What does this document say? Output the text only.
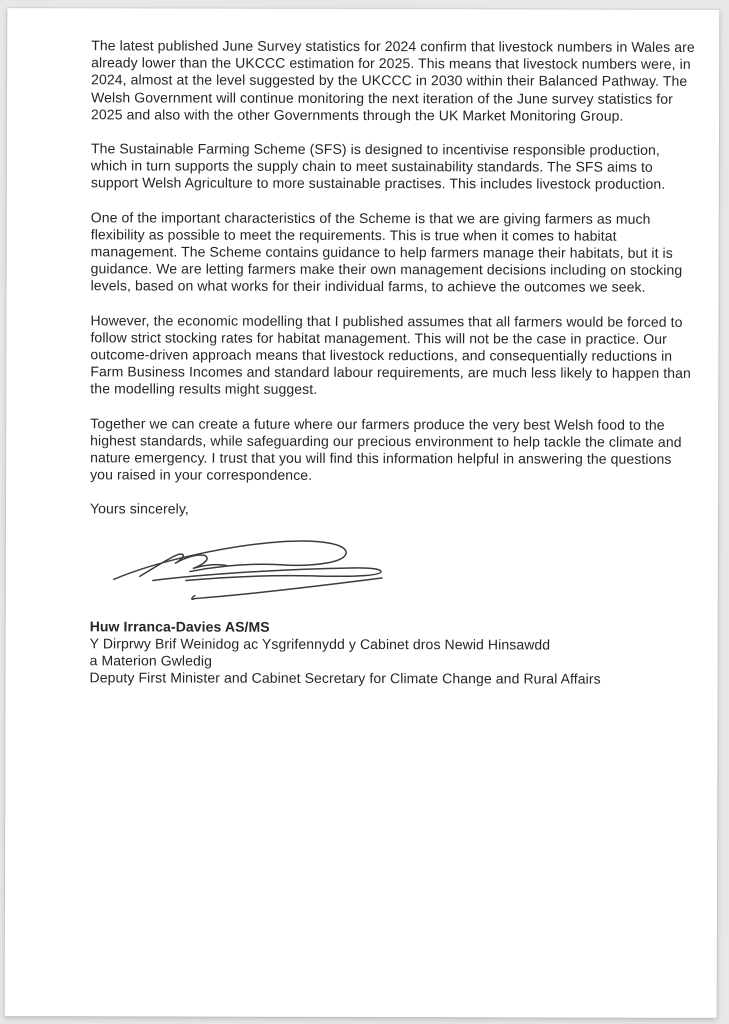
The latest published June Survey statistics for 2024 confirm that livestock numbers in Wales are already lower than the UKCCC estimation for 2025. This means that livestock numbers were, in 2024, almost at the level suggested by the UKCCC in 2030 within their Balanced Pathway. The Welsh Government will continue monitoring the next iteration of the June survey statistics for 2025 and also with the other Governments through the UK Market Monitoring Group.

The Sustainable Farming Scheme (SFS) is designed to incentivise responsible production, which in turn supports the supply chain to meet sustainability standards. The SFS aims to support Welsh Agriculture to more sustainable practises. This includes livestock production.

One of the important characteristics of the Scheme is that we are giving farmers as much flexibility as possible to meet the requirements. This is true when it comes to habitat management. The Scheme contains guidance to help farmers manage their habitats, but it is guidance. We are letting farmers make their own management decisions including on stocking levels, based on what works for their individual farms, to achieve the outcomes we seek.

However, the economic modelling that I published assumes that all farmers would be forced to follow strict stocking rates for habitat management. This will not be the case in practice. Our outcome-driven approach means that livestock reductions, and consequentially reductions in Farm Business Incomes and standard labour requirements, are much less likely to happen than the modelling results might suggest.

Together we can create a future where our farmers produce the very best Welsh food to the highest standards, while safeguarding our precious environment to help tackle the climate and nature emergency. I trust that you will find this information helpful in answering the questions you raised in your correspondence.

Yours sincerely,

Huw Irranca-Davies AS/MS

Y Dirprwy Brif Weinidog ac Ysgrifennydd y Cabinet dros Newid Hinsawdd

a Materion Gwledig

Deputy First Minister and Cabinet Secretary for Climate Change and Rural Affairs
